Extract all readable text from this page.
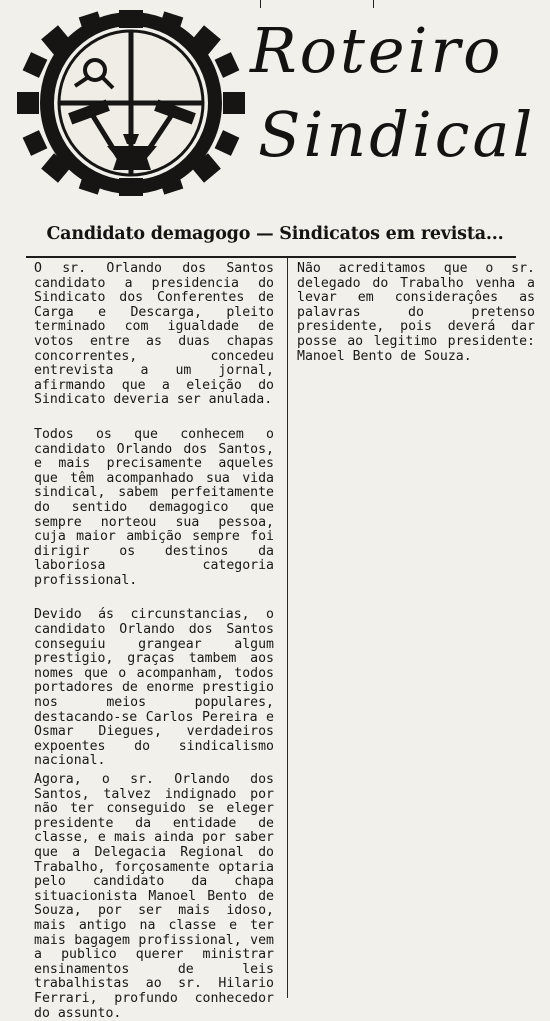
Roteiro
Sindical
Candidato demagogo — Sindicatos em revista...

O sr. Orlando dos Santos candidato a presidencia do Sindicato dos Conferentes de Carga e Descarga, pleito terminado com igualdade de votos entre as duas chapas concorrentes, concedeu entrevista a um jornal, afirmando que a eleição do Sindicato deveria ser anulada.

Todos os que conhecem o candidato Orlando dos Santos, e mais precisamente aqueles que têm acompanhado sua vida sindical, sabem perfeitamente do sentido demagogico que sempre norteou sua pessoa, cuja maior ambição sempre foi dirigir os destinos da laboriosa categoria profissional.

Devido ás circunstancias, o candidato Orlando dos Santos conseguiu grangear algum prestigio, graças tambem aos nomes que o acompanham, todos portadores de enorme prestigio nos meios populares, destacando-se Carlos Pereira e Osmar Diegues, verdadeiros expoentes do sindicalismo nacional.

Agora, o sr. Orlando dos Santos, talvez indignado por não ter conseguido se eleger presidente da entidade de classe, e mais ainda por saber que a Delegacia Regional do Trabalho, forçosamente optaria pelo candidato da chapa situacionista Manoel Bento de Souza, por ser mais idoso, mais antigo na classe e ter mais bagagem profissional, vem a publico querer ministrar ensinamentos de leis trabalhistas ao sr. Hilario Ferrari, profundo conhecedor do assunto.

Não acreditamos que o sr. delegado do Trabalho venha a levar em consideraçôes as palavras do pretenso presidente, pois deverá dar posse ao legitimo presidente: Manoel Bento de Souza.
